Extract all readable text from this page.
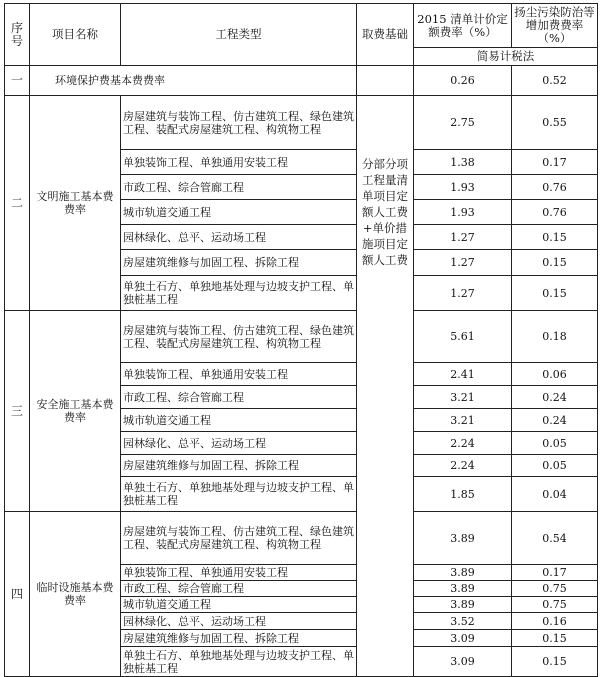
序号	项目名称	工程类型	取费基础	2015 清单计价定额费率（%）	扬尘污染防治等增加费费率（%）
				简易计税法	
一	环境保护费基本费费率			0.26	0.52
二	文明施工基本费费率	房屋建筑与装饰工程、仿古建筑工程、绿色建筑工程、装配式房屋建筑工程、构筑物工程	分部分项工程量清单项目定额人工费+单价措施项目定额人工费	2.75	0.55
		单独装饰工程、单独通用安装工程		1.38	0.17
		市政工程、综合管廊工程		1.93	0.76
		城市轨道交通工程		1.93	0.76
		园林绿化、总平、运动场工程		1.27	0.15
		房屋建筑维修与加固工程、拆除工程		1.27	0.15
		单独土石方、单独地基处理与边坡支护工程、单独桩基工程		1.27	0.15
三	安全施工基本费费率	房屋建筑与装饰工程、仿古建筑工程、绿色建筑工程、装配式房屋建筑工程、构筑物工程		5.61	0.18
		单独装饰工程、单独通用安装工程		2.41	0.06
		市政工程、综合管廊工程		3.21	0.24
		城市轨道交通工程		3.21	0.24
		园林绿化、总平、运动场工程		2.24	0.05
		房屋建筑维修与加固工程、拆除工程		2.24	0.05
		单独土石方、单独地基处理与边坡支护工程、单独桩基工程		1.85	0.04
四	临时设施基本费费率	房屋建筑与装饰工程、仿古建筑工程、绿色建筑工程、装配式房屋建筑工程、构筑物工程		3.89	0.54
		单独装饰工程、单独通用安装工程		3.89	0.17
		市政工程、综合管廊工程		3.89	0.75
		城市轨道交通工程		3.89	0.75
		园林绿化、总平、运动场工程		3.52	0.16
		房屋建筑维修与加固工程、拆除工程		3.09	0.15
		单独土石方、单独地基处理与边坡支护工程、单独桩基工程		3.09	0.15
